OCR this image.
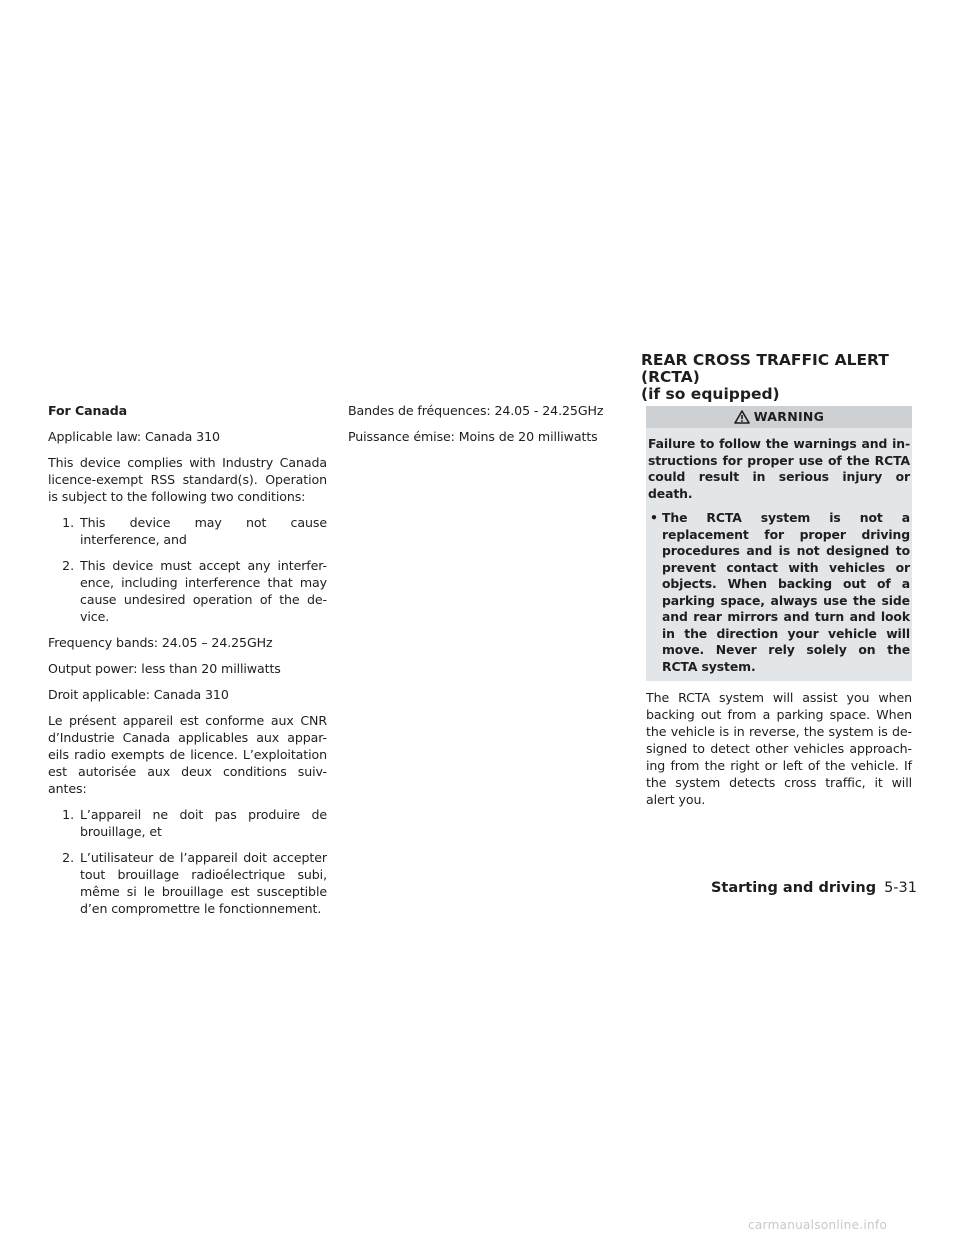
For Canada

Applicable law: Canada 310

This device complies with Industry Canada licence-exempt RSS standard(s). Operation is subject to the following two conditions:

1. This device may not cause interference, and
2. This device must accept any interfer-ence, including interference that may cause undesired operation of the de-vice.

Frequency bands: 24.05 – 24.25GHz

Output power: less than 20 milliwatts

Droit applicable: Canada 310

Le présent appareil est conforme aux CNR d’Industrie Canada applicables aux appar-eils radio exempts de licence. L’exploitation est autorisée aux deux conditions suiv-antes:

1. L’appareil ne doit pas produire de brouillage, et
2. L’utilisateur de l’appareil doit accepter tout brouillage radioélectrique subi, même si le brouillage est susceptible d’en compromettre le fonctionnement.

Bandes de fréquences: 24.05 - 24.25GHz

Puissance émise: Moins de 20 milliwatts

REAR CROSS TRAFFIC ALERT (RCTA)
(if so equipped)
WARNING

Failure to follow the warnings and in-structions for proper use of the RCTA could result in serious injury or death.

• The RCTA system is not a replacement for proper driving procedures and is not designed to prevent contact with vehicles or objects. When backing out of a parking space, always use the side and rear mirrors and turn and look in the direction your vehicle will move. Never rely solely on the RCTA system.

The RCTA system will assist you when backing out from a parking space. When the vehicle is in reverse, the system is de-signed to detect other vehicles approach-ing from the right or left of the vehicle. If the system detects cross traffic, it will alert you.

Starting and driving 5-31
carmanualsonline.info
